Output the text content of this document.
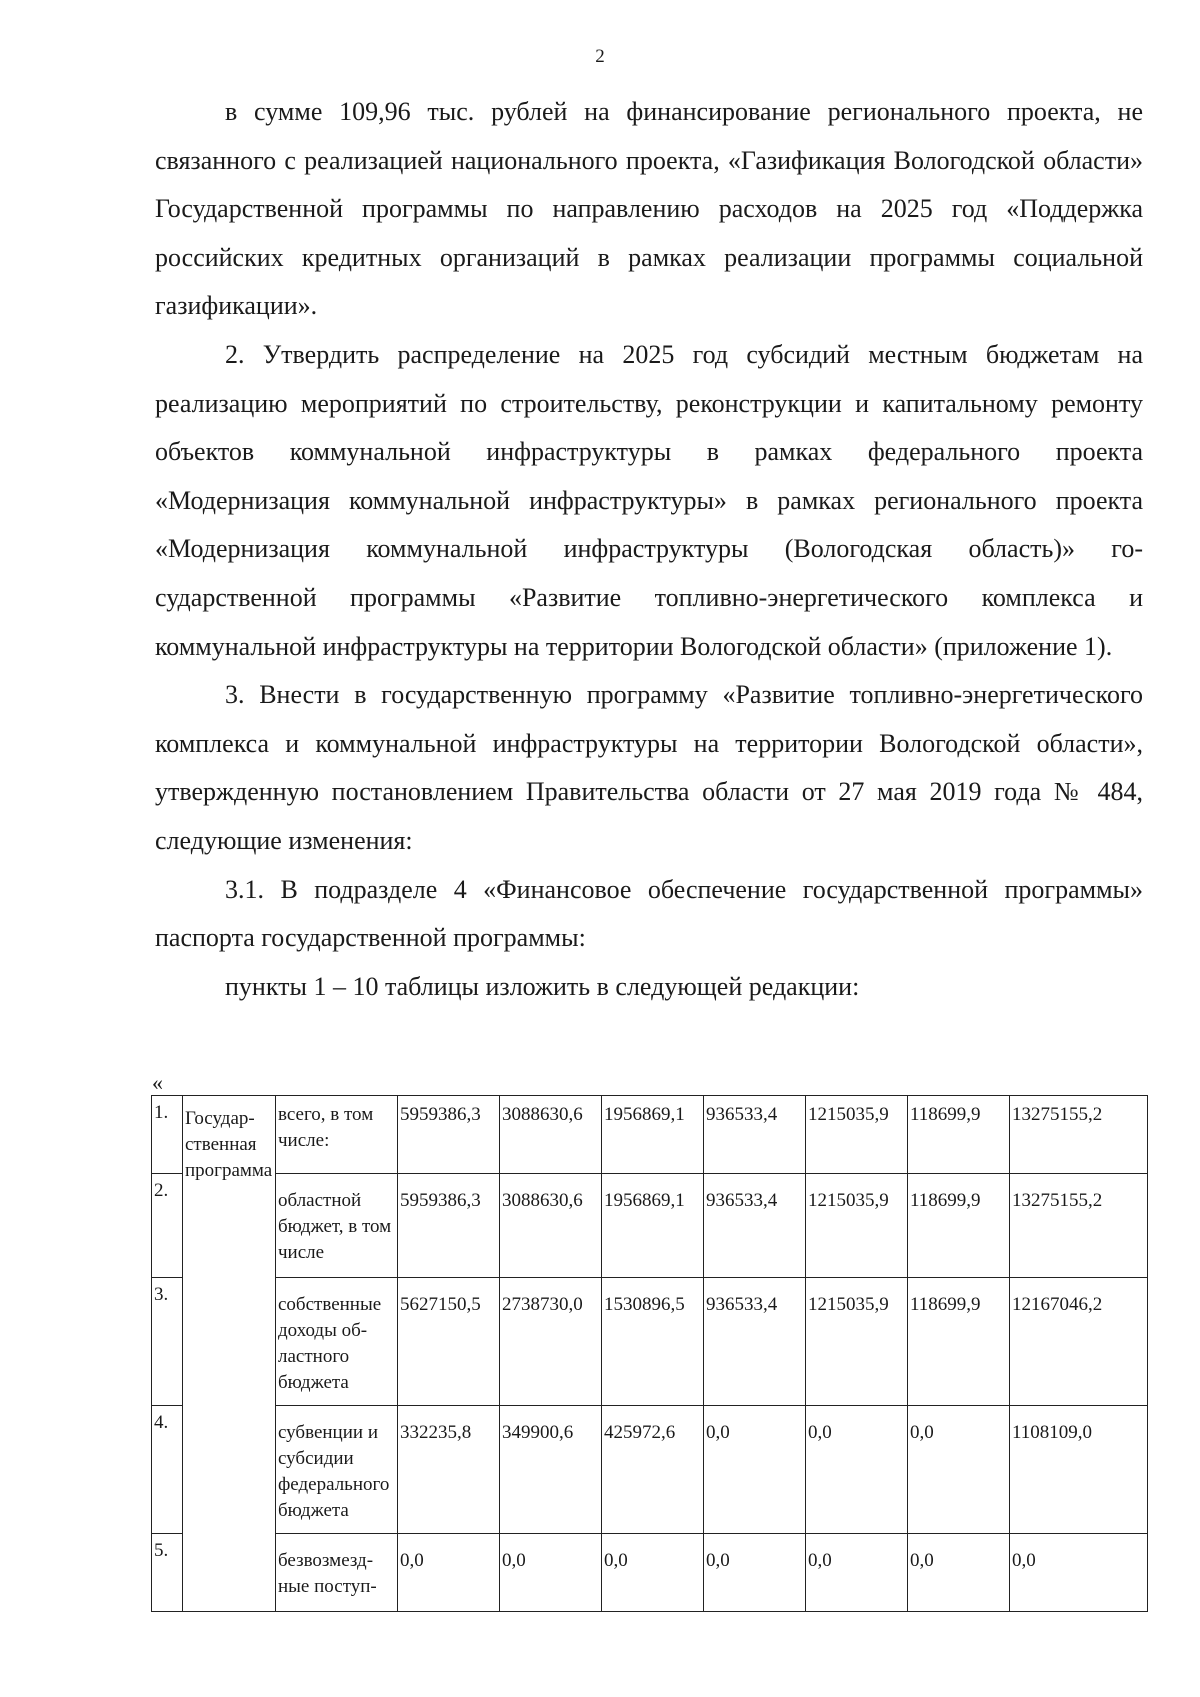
2

в сумме 109,96 тыс. рублей на финансирование регионального проекта, не связанного с реализацией национального проекта, «Газификация Вологодской области» Государственной программы по направлению расходов на 2025 год «Поддержка российских кредитных организаций в рамках реализации программы социальной газификации».

2. Утвердить распределение на 2025 год субсидий местным бюджетам на реализацию мероприятий по строительству, реконструкции и капитальному ремонту объектов коммунальной инфраструктуры в рамках федерального проекта «Модернизация коммунальной инфраструктуры» в рамках регионального проекта «Модернизация коммунальной инфраструктуры (Вологодская область)» государственной программы «Развитие топливно-энергетического комплекса и коммунальной инфраструктуры на территории Вологодской области» (приложение 1).

3. Внести в государственную программу «Развитие топливно-энергетического комплекса и коммунальной инфраструктуры на территории Вологодской области», утвержденную постановлением Правительства области от 27 мая 2019 года № 484, следующие изменения:

3.1. В подразделе 4 «Финансовое обеспечение государственной программы» паспорта государственной программы:

пункты 1 – 10 таблицы изложить в следующей редакции:

«
1.	Государственная программа	всего, в том числе:	5959386,3	3088630,6	1956869,1	936533,4	1215035,9	118699,9	13275155,2
2.		областной бюджет, в том числе	5959386,3	3088630,6	1956869,1	936533,4	1215035,9	118699,9	13275155,2
3.		собственные доходы областного бюджета	5627150,5	2738730,0	1530896,5	936533,4	1215035,9	118699,9	12167046,2
4.		субвенции и субсидии федерального бюджета	332235,8	349900,6	425972,6	0,0	0,0	0,0	1108109,0
5.		безвозмездные поступ-	0,0	0,0	0,0	0,0	0,0	0,0	0,0
